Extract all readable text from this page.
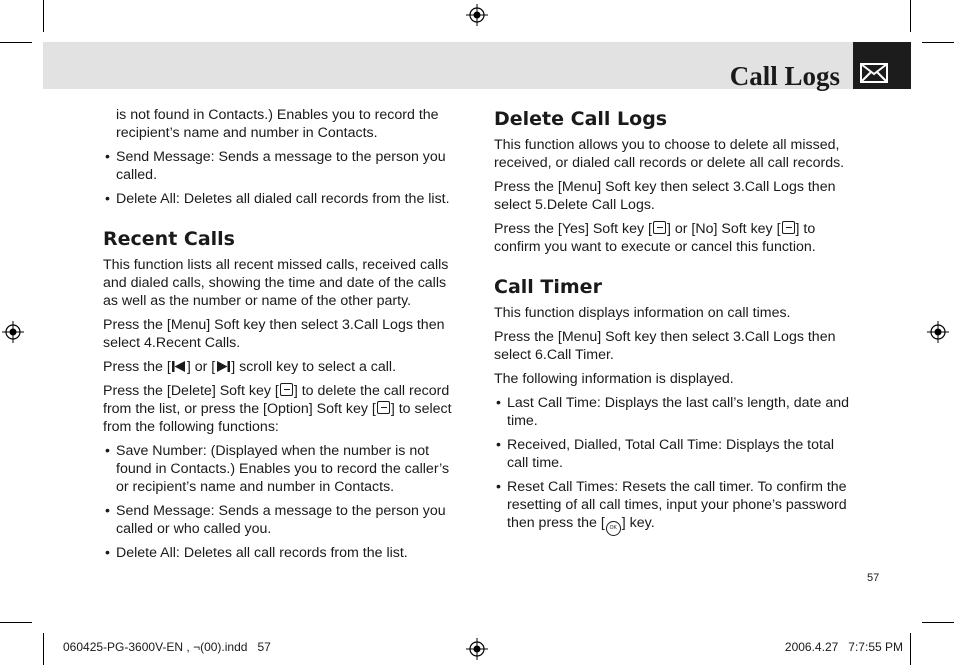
Call Logs

is not found in Contacts.) Enables you to record the recipient’s name and number in Contacts.

• Send Message: Sends a message to the person you called.

• Delete All: Deletes all dialed call records from the list.

Recent Calls

This function lists all recent missed calls, received calls and dialed calls, showing the time and date of the calls as well as the number or name of the other party.

Press the [Menu] Soft key then select 3.Call Logs then select 4.Recent Calls.

Press the [ ] or [ ] scroll key to select a call.

Press the [Delete] Soft key [ ] to delete the call record from the list, or press the [Option] Soft key [ ] to select from the following functions:

• Save Number: (Displayed when the number is not found in Contacts.) Enables you to record the caller’s or recipient’s name and number in Contacts.

• Send Message: Sends a message to the person you called or who called you.

• Delete All: Deletes all call records from the list.

Delete Call Logs

This function allows you to choose to delete all missed, received, or dialed call records or delete all call records.

Press the [Menu] Soft key then select 3.Call Logs then select 5.Delete Call Logs.

Press the [Yes] Soft key [ ] or [No] Soft key [ ] to confirm you want to execute or cancel this function.

Call Timer

This function displays information on call times.

Press the [Menu] Soft key then select 3.Call Logs then select 6.Call Timer.

The following information is displayed.

• Last Call Time: Displays the last call’s length, date and time.

• Received, Dialled, Total Call Time: Displays the total call time.

• Reset Call Times: Resets the call timer. To confirm the resetting of all call times, input your phone’s password then press the [ OK ] key.

57
060425-PG-3600V-EN , ¬(00).indd 57	2006.4.27 7:7:55 PM
